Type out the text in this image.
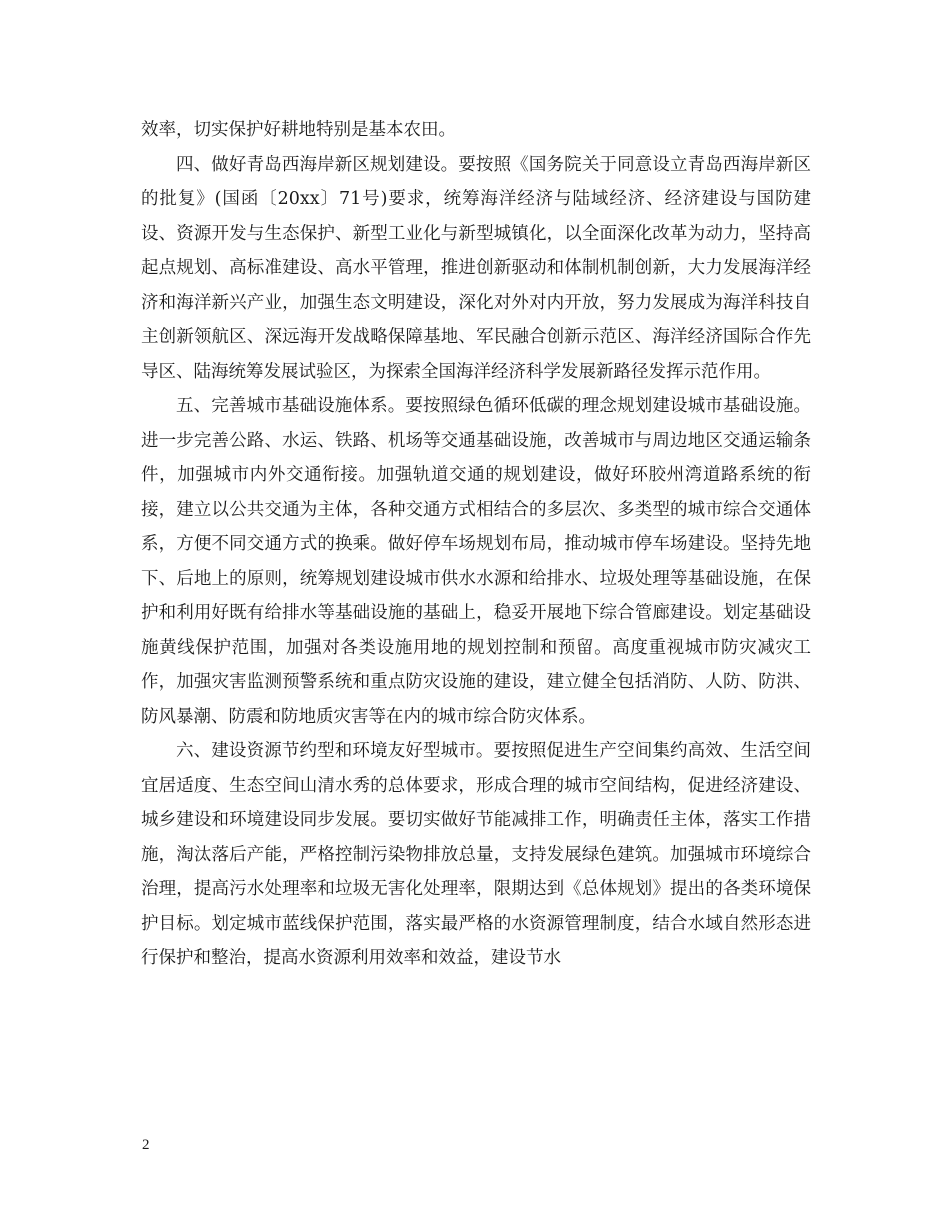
效率，切实保护好耕地特别是基本农田。

四、做好青岛西海岸新区规划建设。要按照《国务院关于同意设立青岛西海岸新区的批复》(国函〔20xx〕71号)要求，统筹海洋经济与陆域经济、经济建设与国防建设、资源开发与生态保护、新型工业化与新型城镇化，以全面深化改革为动力，坚持高起点规划、高标准建设、高水平管理，推进创新驱动和体制机制创新，大力发展海洋经济和海洋新兴产业，加强生态文明建设，深化对外对内开放，努力发展成为海洋科技自主创新领航区、深远海开发战略保障基地、军民融合创新示范区、海洋经济国际合作先导区、陆海统筹发展试验区，为探索全国海洋经济科学发展新路径发挥示范作用。

五、完善城市基础设施体系。要按照绿色循环低碳的理念规划建设城市基础设施。进一步完善公路、水运、铁路、机场等交通基础设施，改善城市与周边地区交通运输条件，加强城市内外交通衔接。加强轨道交通的规划建设，做好环胶州湾道路系统的衔接，建立以公共交通为主体，各种交通方式相结合的多层次、多类型的城市综合交通体系，方便不同交通方式的换乘。做好停车场规划布局，推动城市停车场建设。坚持先地下、后地上的原则，统筹规划建设城市供水水源和给排水、垃圾处理等基础设施，在保护和利用好既有给排水等基础设施的基础上，稳妥开展地下综合管廊建设。划定基础设施黄线保护范围，加强对各类设施用地的规划控制和预留。高度重视城市防灾减灾工作，加强灾害监测预警系统和重点防灾设施的建设，建立健全包括消防、人防、防洪、防风暴潮、防震和防地质灾害等在内的城市综合防灾体系。

六、建设资源节约型和环境友好型城市。要按照促进生产空间集约高效、生活空间宜居适度、生态空间山清水秀的总体要求，形成合理的城市空间结构，促进经济建设、城乡建设和环境建设同步发展。要切实做好节能减排工作，明确责任主体，落实工作措施，淘汰落后产能，严格控制污染物排放总量，支持发展绿色建筑。加强城市环境综合治理，提高污水处理率和垃圾无害化处理率，限期达到《总体规划》提出的各类环境保护目标。划定城市蓝线保护范围，落实最严格的水资源管理制度，结合水域自然形态进行保护和整治，提高水资源利用效率和效益，建设节水

2
